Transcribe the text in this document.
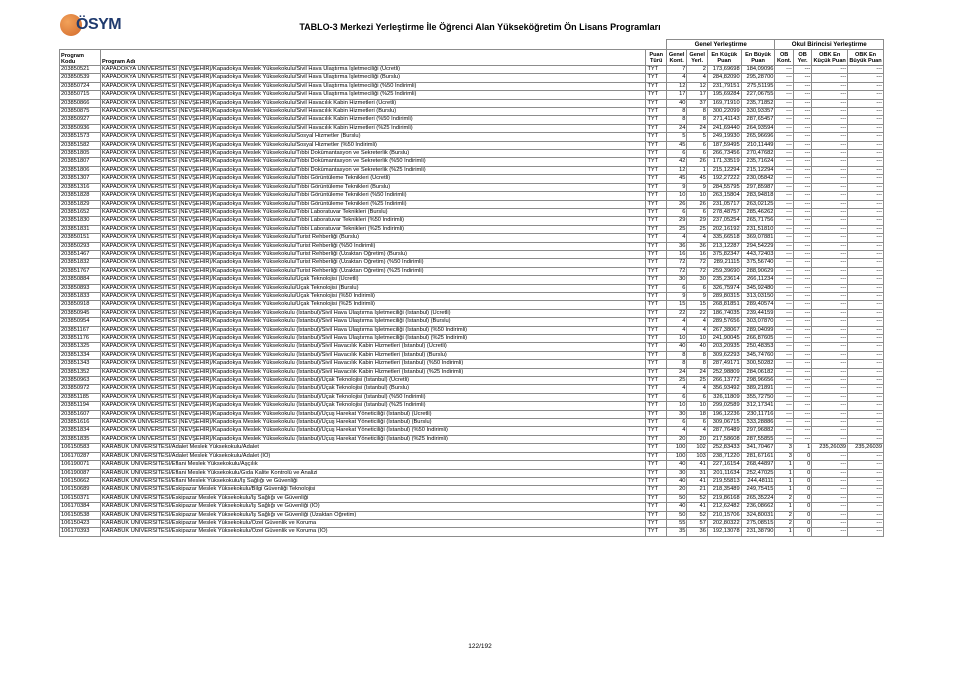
ÖSYM	TABLO-3 Merkezi Yerleştirme İle Öğrenci Alan Yükseköğretim Ön Lisans Programları
			Genel Yerleştirme				Okul Birincisi Yerleştirme			
Program Kodu	Program Adı	Puan Türü	Genel Kont.	Genel Yerl.	En Küçük Puan	En Büyük Puan	OB Kont.	OB Yer.	OBK En Küçük Puan	OBK En Büyük Puan
203850521	KAPADOKYA ÜNİVERSİTESİ (NEVŞEHİR)/Kapadokya Meslek Yüksekokulu/Sivil Hava Ulaştırma İşletmeciliği (Ücretli)	TYT	7	2	173,69698	184,09096	---	---	---	---
203850539	KAPADOKYA ÜNİVERSİTESİ (NEVŞEHİR)/Kapadokya Meslek Yüksekokulu/Sivil Hava Ulaştırma İşletmeciliği (Burslu)	TYT	4	4	284,82090	295,28700	---	---	---	---
203850724	KAPADOKYA ÜNİVERSİTESİ (NEVŞEHİR)/Kapadokya Meslek Yüksekokulu/Sivil Hava Ulaştırma İşletmeciliği (%50 İndirimli)	TYT	12	12	231,79151	275,51195	---	---	---	---
203850715	KAPADOKYA ÜNİVERSİTESİ (NEVŞEHİR)/Kapadokya Meslek Yüksekokulu/Sivil Hava Ulaştırma İşletmeciliği (%25 İndirimli)	TYT	17	17	195,69284	227,06755	---	---	---	---
203850866	KAPADOKYA ÜNİVERSİTESİ (NEVŞEHİR)/Kapadokya Meslek Yüksekokulu/Sivil Havacılık Kabin Hizmetleri (Ücretli)	TYT	40	37	169,71910	235,71852	---	---	---	---
203850875	KAPADOKYA ÜNİVERSİTESİ (NEVŞEHİR)/Kapadokya Meslek Yüksekokulu/Sivil Havacılık Kabin Hizmetleri (Burslu)	TYT	8	8	300,22099	330,93357	---	---	---	---
203850927	KAPADOKYA ÜNİVERSİTESİ (NEVŞEHİR)/Kapadokya Meslek Yüksekokulu/Sivil Havacılık Kabin Hizmetleri (%50 İndirimli)	TYT	8	8	271,41143	287,65457	---	---	---	---
203850936	KAPADOKYA ÜNİVERSİTESİ (NEVŞEHİR)/Kapadokya Meslek Yüksekokulu/Sivil Havacılık Kabin Hizmetleri (%25 İndirimli)	TYT	24	24	241,69440	264,93594	---	---	---	---
203851573	KAPADOKYA ÜNİVERSİTESİ (NEVŞEHİR)/Kapadokya Meslek Yüksekokulu/Sosyal Hizmetler (Burslu)	TYT	5	5	249,19930	265,96696	---	---	---	---
203851582	KAPADOKYA ÜNİVERSİTESİ (NEVŞEHİR)/Kapadokya Meslek Yüksekokulu/Sosyal Hizmetler (%50 İndirimli)	TYT	45	6	187,59495	210,11449	---	---	---	---
203851805	KAPADOKYA ÜNİVERSİTESİ (NEVŞEHİR)/Kapadokya Meslek Yüksekokulu/Tıbbi Dokümantasyon ve Sekreterlik (Burslu)	TYT	6	6	266,73456	270,47682	---	---	---	---
203851807	KAPADOKYA ÜNİVERSİTESİ (NEVŞEHİR)/Kapadokya Meslek Yüksekokulu/Tıbbi Dokümantasyon ve Sekreterlik (%50 İndirimli)	TYT	42	26	171,33519	235,71624	---	---	---	---
203851806	KAPADOKYA ÜNİVERSİTESİ (NEVŞEHİR)/Kapadokya Meslek Yüksekokulu/Tıbbi Dokümantasyon ve Sekreterlik (%25 İndirimli)	TYT	12	1	215,12294	215,12294	---	---	---	---
203851307	KAPADOKYA ÜNİVERSİTESİ (NEVŞEHİR)/Kapadokya Meslek Yüksekokulu/Tıbbi Görüntüleme Teknikleri (Ücretli)	TYT	45	45	192,27222	230,05842	---	---	---	---
203851316	KAPADOKYA ÜNİVERSİTESİ (NEVŞEHİR)/Kapadokya Meslek Yüksekokulu/Tıbbi Görüntüleme Teknikleri (Burslu)	TYT	9	9	284,55795	297,85987	---	---	---	---
203851828	KAPADOKYA ÜNİVERSİTESİ (NEVŞEHİR)/Kapadokya Meslek Yüksekokulu/Tıbbi Görüntüleme Teknikleri (%50 İndirimli)	TYT	10	10	263,15804	283,94818	---	---	---	---
203851829	KAPADOKYA ÜNİVERSİTESİ (NEVŞEHİR)/Kapadokya Meslek Yüksekokulu/Tıbbi Görüntüleme Teknikleri (%25 İndirimli)	TYT	26	26	231,05717	263,02125	---	---	---	---
203851652	KAPADOKYA ÜNİVERSİTESİ (NEVŞEHİR)/Kapadokya Meslek Yüksekokulu/Tıbbi Laboratuvar Teknikleri (Burslu)	TYT	6	6	278,48757	285,46262	---	---	---	---
203851830	KAPADOKYA ÜNİVERSİTESİ (NEVŞEHİR)/Kapadokya Meslek Yüksekokulu/Tıbbi Laboratuvar Teknikleri (%50 İndirimli)	TYT	29	29	237,05254	265,71756	---	---	---	---
203851831	KAPADOKYA ÜNİVERSİTESİ (NEVŞEHİR)/Kapadokya Meslek Yüksekokulu/Tıbbi Laboratuvar Teknikleri (%25 İndirimli)	TYT	25	25	202,16192	231,51810	---	---	---	---
203850151	KAPADOKYA ÜNİVERSİTESİ (NEVŞEHİR)/Kapadokya Meslek Yüksekokulu/Turist Rehberliği (Burslu)	TYT	4	4	335,66518	369,07881	---	---	---	---
203850293	KAPADOKYA ÜNİVERSİTESİ (NEVŞEHİR)/Kapadokya Meslek Yüksekokulu/Turist Rehberliği (%50 İndirimli)	TYT	36	36	213,12287	294,54229	---	---	---	---
203851467	KAPADOKYA ÜNİVERSİTESİ (NEVŞEHİR)/Kapadokya Meslek Yüksekokulu/Turist Rehberliği (Uzaktan Öğretim) (Burslu)	TYT	16	16	375,82347	443,72403	---	---	---	---
203851832	KAPADOKYA ÜNİVERSİTESİ (NEVŞEHİR)/Kapadokya Meslek Yüksekokulu/Turist Rehberliği (Uzaktan Öğretim) (%50 İndirimli)	TYT	72	72	289,21115	375,56740	---	---	---	---
203851767	KAPADOKYA ÜNİVERSİTESİ (NEVŞEHİR)/Kapadokya Meslek Yüksekokulu/Turist Rehberliği (Uzaktan Öğretim) (%25 İndirimli)	TYT	72	72	259,39690	288,90629	---	---	---	---
203850884	KAPADOKYA ÜNİVERSİTESİ (NEVŞEHİR)/Kapadokya Meslek Yüksekokulu/Uçak Teknolojisi (Ücretli)	TYT	30	30	235,23614	266,11234	---	---	---	---
203850893	KAPADOKYA ÜNİVERSİTESİ (NEVŞEHİR)/Kapadokya Meslek Yüksekokulu/Uçak Teknolojisi (Burslu)	TYT	6	6	326,75974	345,92480	---	---	---	---
203851833	KAPADOKYA ÜNİVERSİTESİ (NEVŞEHİR)/Kapadokya Meslek Yüksekokulu/Uçak Teknolojisi (%50 İndirimli)	TYT	9	9	289,80315	313,03150	---	---	---	---
203850918	KAPADOKYA ÜNİVERSİTESİ (NEVŞEHİR)/Kapadokya Meslek Yüksekokulu/Uçak Teknolojisi (%25 İndirimli)	TYT	15	15	268,81851	289,40574	---	---	---	---
203850945	KAPADOKYA ÜNİVERSİTESİ (NEVŞEHİR)/Kapadokya Meslek Yüksekokulu (İstanbul)/Sivil Hava Ulaştırma İşletmeciliği (İstanbul) (Ücretli)	TYT	22	22	186,74035	239,44159	---	---	---	---
203850954	KAPADOKYA ÜNİVERSİTESİ (NEVŞEHİR)/Kapadokya Meslek Yüksekokulu (İstanbul)/Sivil Hava Ulaştırma İşletmeciliği (İstanbul) (Burslu)	TYT	4	4	289,57656	303,07870	---	---	---	---
203851167	KAPADOKYA ÜNİVERSİTESİ (NEVŞEHİR)/Kapadokya Meslek Yüksekokulu (İstanbul)/Sivil Hava Ulaştırma İşletmeciliği (İstanbul) (%50 İndirimli)	TYT	4	4	267,38067	289,04099	---	---	---	---
203851176	KAPADOKYA ÜNİVERSİTESİ (NEVŞEHİR)/Kapadokya Meslek Yüksekokulu (İstanbul)/Sivil Hava Ulaştırma İşletmeciliği (İstanbul) (%25 İndirimli)	TYT	10	10	241,90045	266,87605	---	---	---	---
203851325	KAPADOKYA ÜNİVERSİTESİ (NEVŞEHİR)/Kapadokya Meslek Yüksekokulu (İstanbul)/Sivil Havacılık Kabin Hizmetleri (İstanbul) (Ücretli)	TYT	40	40	203,20935	250,48353	---	---	---	---
203851334	KAPADOKYA ÜNİVERSİTESİ (NEVŞEHİR)/Kapadokya Meslek Yüksekokulu (İstanbul)/Sivil Havacılık Kabin Hizmetleri (İstanbul) (Burslu)	TYT	8	8	309,62293	345,74760	---	---	---	---
203851343	KAPADOKYA ÜNİVERSİTESİ (NEVŞEHİR)/Kapadokya Meslek Yüksekokulu (İstanbul)/Sivil Havacılık Kabin Hizmetleri (İstanbul) (%50 İndirimli)	TYT	8	8	287,49171	300,50282	---	---	---	---
203851352	KAPADOKYA ÜNİVERSİTESİ (NEVŞEHİR)/Kapadokya Meslek Yüksekokulu (İstanbul)/Sivil Havacılık Kabin Hizmetleri (İstanbul) (%25 İndirimli)	TYT	24	24	252,98809	284,06182	---	---	---	---
203850963	KAPADOKYA ÜNİVERSİTESİ (NEVŞEHİR)/Kapadokya Meslek Yüksekokulu (İstanbul)/Uçak Teknolojisi (İstanbul) (Ücretli)	TYT	25	25	266,13772	298,96656	---	---	---	---
203850972	KAPADOKYA ÜNİVERSİTESİ (NEVŞEHİR)/Kapadokya Meslek Yüksekokulu (İstanbul)/Uçak Teknolojisi (İstanbul) (Burslu)	TYT	4	4	356,93492	389,21891	---	---	---	---
203851185	KAPADOKYA ÜNİVERSİTESİ (NEVŞEHİR)/Kapadokya Meslek Yüksekokulu (İstanbul)/Uçak Teknolojisi (İstanbul) (%50 İndirimli)	TYT	6	6	326,11809	355,72750	---	---	---	---
203851194	KAPADOKYA ÜNİVERSİTESİ (NEVŞEHİR)/Kapadokya Meslek Yüksekokulu (İstanbul)/Uçak Teknolojisi (İstanbul) (%25 İndirimli)	TYT	10	10	299,02589	312,17341	---	---	---	---
203851607	KAPADOKYA ÜNİVERSİTESİ (NEVŞEHİR)/Kapadokya Meslek Yüksekokulu (İstanbul)/Uçuş Harekat Yöneticiliği (İstanbul) (Ücretli)	TYT	30	18	196,12236	230,11716	---	---	---	---
203851616	KAPADOKYA ÜNİVERSİTESİ (NEVŞEHİR)/Kapadokya Meslek Yüksekokulu (İstanbul)/Uçuş Harekat Yöneticiliği (İstanbul) (Burslu)	TYT	6	6	309,06715	333,28886	---	---	---	---
203851834	KAPADOKYA ÜNİVERSİTESİ (NEVŞEHİR)/Kapadokya Meslek Yüksekokulu (İstanbul)/Uçuş Harekat Yöneticiliği (İstanbul) (%50 İndirimli)	TYT	4	4	287,76489	297,96882	---	---	---	---
203851835	KAPADOKYA ÜNİVERSİTESİ (NEVŞEHİR)/Kapadokya Meslek Yüksekokulu (İstanbul)/Uçuş Harekat Yöneticiliği (İstanbul) (%25 İndirimli)	TYT	20	20	217,58608	287,55855	---	---	---	---
106150583	KARABÜK ÜNİVERSİTESİ/Adalet Meslek Yüksekokulu/Adalet	TYT	100	102	252,83433	341,70467	3	1	235,26039	235,26039
106170287	KARABÜK ÜNİVERSİTESİ/Adalet Meslek Yüksekokulu/Adalet (İÖ)	TYT	100	103	238,71220	281,67161	3	0	---	---
106190071	KARABÜK ÜNİVERSİTESİ/Eflani Meslek Yüksekokulu/Aşçılık	TYT	40	41	227,16154	268,44897	1	0	---	---
106190087	KARABÜK ÜNİVERSİTESİ/Eflani Meslek Yüksekokulu/Gıda Kalite Kontrolü ve Analizi	TYT	30	31	201,11634	252,47025	1	0	---	---
106150662	KARABÜK ÜNİVERSİTESİ/Eflani Meslek Yüksekokulu/İş Sağlığı ve Güvenliği	TYT	40	41	219,55813	244,48111	1	0	---	---
106150689	KARABÜK ÜNİVERSİTESİ/Eskipazar Meslek Yüksekokulu/Bilgi Güvenliği Teknolojisi	TYT	20	21	218,35489	249,75415	1	0	---	---
106150371	KARABÜK ÜNİVERSİTESİ/Eskipazar Meslek Yüksekokulu/İş Sağlığı ve Güvenliği	TYT	50	52	219,86168	265,35224	2	0	---	---
106170384	KARABÜK ÜNİVERSİTESİ/Eskipazar Meslek Yüksekokulu/İş Sağlığı ve Güvenliği (İÖ)	TYT	40	41	212,62482	236,08662	1	0	---	---
106150538	KARABÜK ÜNİVERSİTESİ/Eskipazar Meslek Yüksekokulu/İş Sağlığı ve Güvenliği (Uzaktan Öğretim)	TYT	50	52	210,15706	324,80031	2	0	---	---
106150423	KARABÜK ÜNİVERSİTESİ/Eskipazar Meslek Yüksekokulu/Özel Güvenlik ve Koruma	TYT	55	57	202,80322	275,08515	2	0	---	---
106170393	KARABÜK ÜNİVERSİTESİ/Eskipazar Meslek Yüksekokulu/Özel Güvenlik ve Koruma (İÖ)	TYT	35	36	192,13078	231,38790	1	0	---	---
122/192
